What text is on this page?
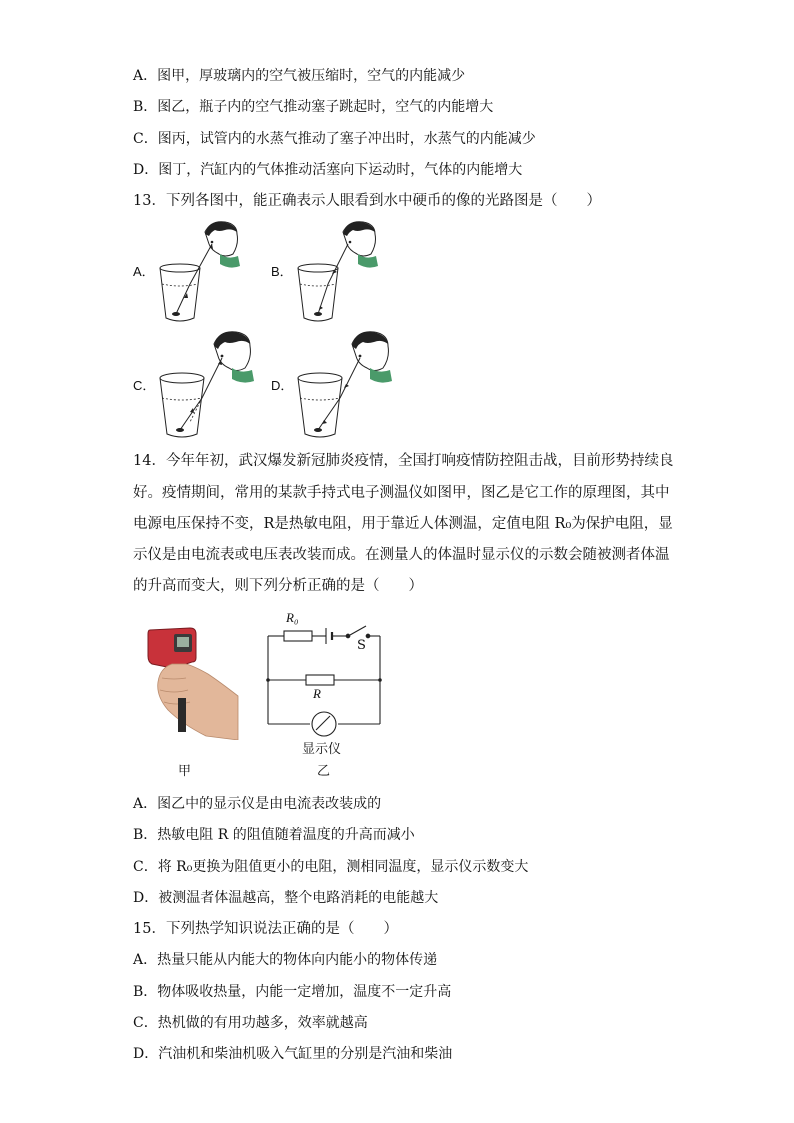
A．图甲，厚玻璃内的空气被压缩时，空气的内能减少
B．图乙，瓶子内的空气推动塞子跳起时，空气的内能增大
C．图丙，试管内的水蒸气推动了塞子冲出时，水蒸气的内能减少
D．图丁，汽缸内的气体推动活塞向下运动时，气体的内能增大
13．下列各图中，能正确表示人眼看到水中硬币的像的光路图是（　　）
A．	B．
C．	D．
14．今年年初，武汉爆发新冠肺炎疫情，全国打响疫情防控阻击战，目前形势持续良
好。疫情期间，常用的某款手持式电子测温仪如图甲，图乙是它工作的原理图，其中
电源电压保持不变，R是热敏电阻，用于靠近人体测温，定值电阻 R₀为保护电阻，显
示仪是由电流表或电压表改装而成。在测量人的体温时显示仪的示数会随被测者体温
的升高而变大，则下列分析正确的是（　　）
甲
R₀
S
R
显示仪
乙
A．图乙中的显示仪是由电流表改装成的
B．热敏电阻 R 的阻值随着温度的升高而减小
C．将 R₀更换为阻值更小的电阻，测相同温度，显示仪示数变大
D．被测温者体温越高，整个电路消耗的电能越大
15．下列热学知识说法正确的是（　　）
A．热量只能从内能大的物体向内能小的物体传递
B．物体吸收热量，内能一定增加，温度不一定升高
C．热机做的有用功越多，效率就越高
D．汽油机和柴油机吸入气缸里的分别是汽油和柴油
